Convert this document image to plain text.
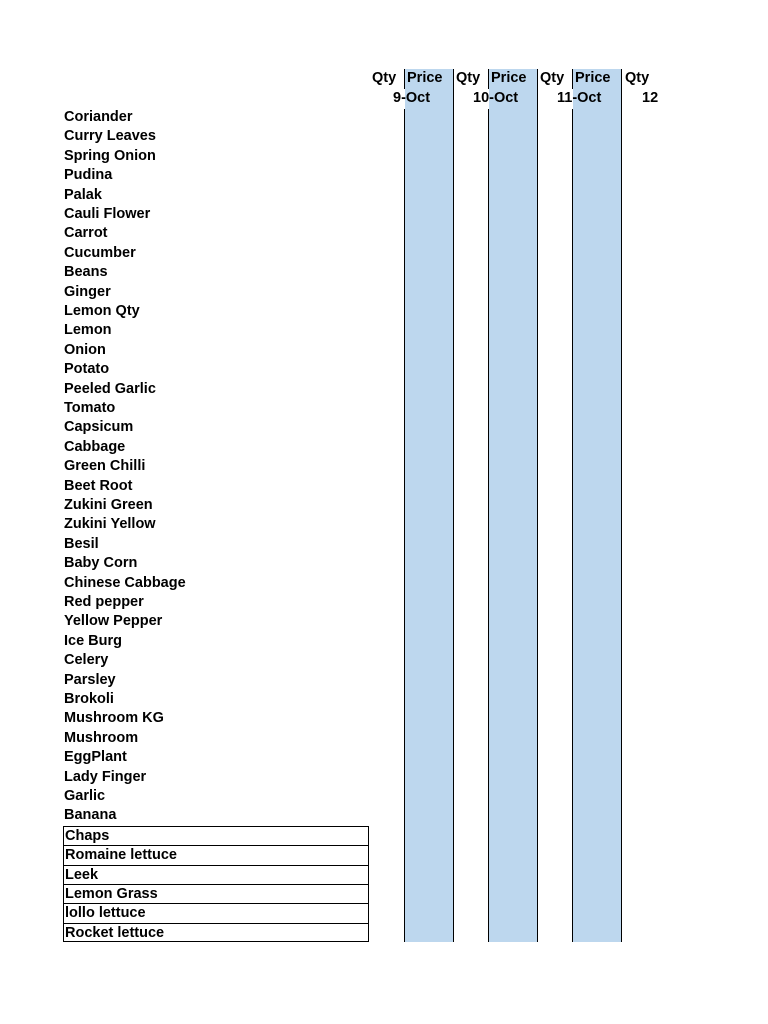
Qty Price Qty Price Qty Price Qty
9-Oct	10-Oct	11-Oct	12
Coriander
Curry Leaves
Spring Onion
Pudina
Palak
Cauli Flower
Carrot
Cucumber
Beans
Ginger
Lemon Qty
Lemon
Onion
Potato
Peeled Garlic
Tomato
Capsicum
Cabbage
Green Chilli
Beet Root
Zukini Green
Zukini Yellow
Besil
Baby Corn
Chinese Cabbage
Red pepper
Yellow Pepper
Ice Burg
Celery
Parsley
Brokoli
Mushroom KG
Mushroom
EggPlant
Lady Finger
Garlic
Banana
Chaps
Romaine lettuce
Leek
Lemon Grass
lollo lettuce
Rocket lettuce
